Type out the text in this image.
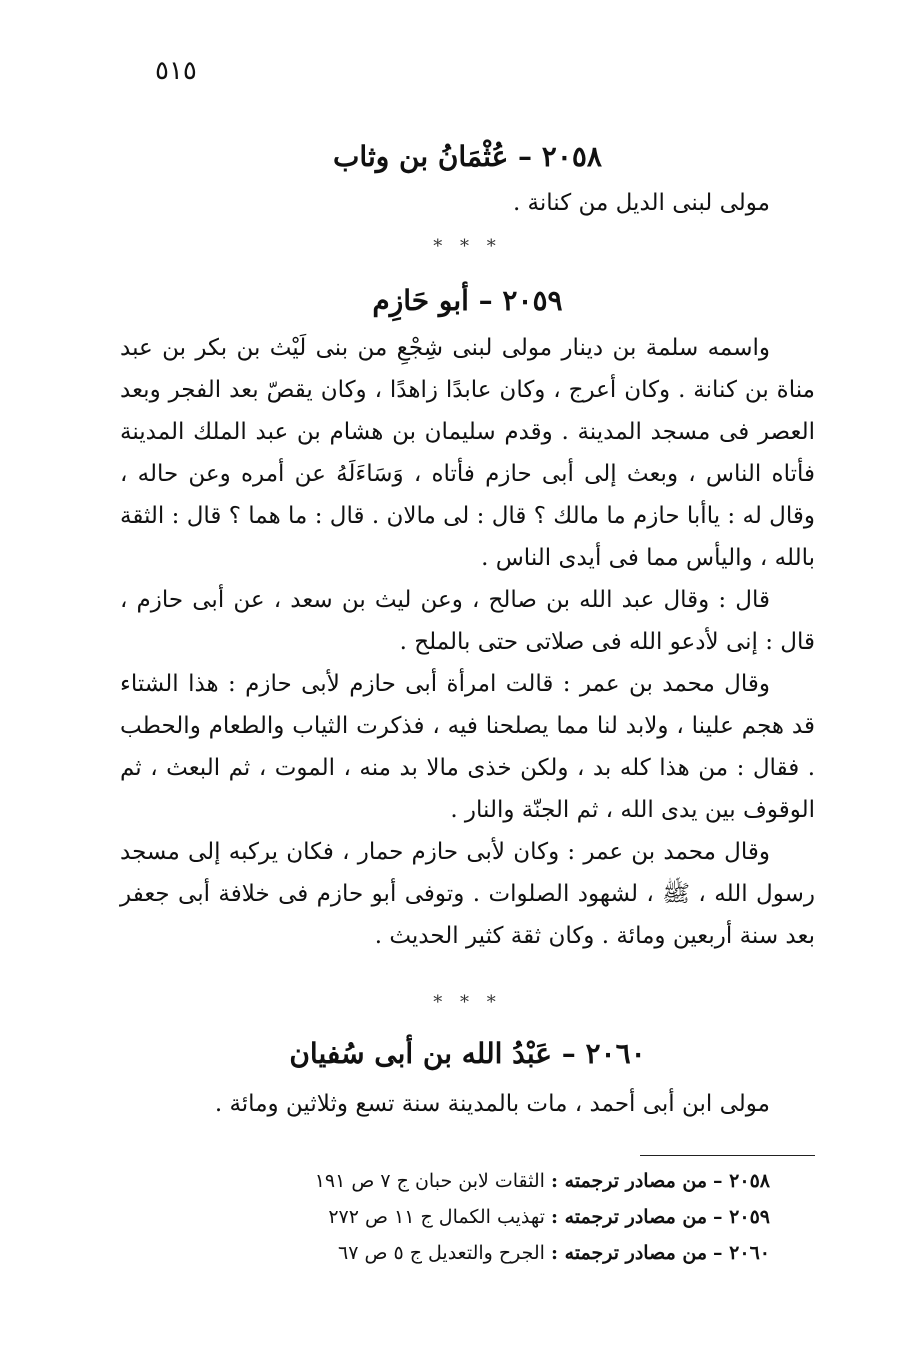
٥١٥
٢٠٥٨ – عُثْمَانُ بن وثاب

مولى لبنى الديل من كنانة .

* * *
٢٠٥٩ – أبو حَازِم

واسمه سلمة بن دينار مولى لبنى شِجْعِ من بنى لَيْث بن بكر بن عبد مناة بن كنانة . وكان أعرج ، وكان عابدًا زاهدًا ، وكان يقصّ بعد الفجر وبعد العصر فى مسجد المدينة . وقدم سليمان بن هشام بن عبد الملك المدينة فأتاه الناس ، وبعث إلى أبى حازم فأتاه ، وَسَاءَلَهُ عن أمره وعن حاله ، وقال له : ياأبا حازم ما مالك ؟ قال : لى مالان . قال : ما هما ؟ قال : الثقة بالله ، واليأس مما فى أيدى الناس .

قال : وقال عبد الله بن صالح ، وعن ليث بن سعد ، عن أبى حازم ، قال : إنى لأدعو الله فى صلاتى حتى بالملح .

وقال محمد بن عمر : قالت امرأة أبى حازم لأبى حازم : هذا الشتاء قد هجم علينا ، ولابد لنا مما يصلحنا فيه ، فذكرت الثياب والطعام والحطب . فقال : من هذا كله بد ، ولكن خذى مالا بد منه ، الموت ، ثم البعث ، ثم الوقوف بين يدى الله ، ثم الجنّة والنار .

وقال محمد بن عمر : وكان لأبى حازم حمار ، فكان يركبه إلى مسجد رسول الله ، ﷺ ، لشهود الصلوات . وتوفى أبو حازم فى خلافة أبى جعفر بعد سنة أربعين ومائة . وكان ثقة كثير الحديث .

* * *
٢٠٦٠ – عَبْدُ الله بن أبى سُفيان

مولى ابن أبى أحمد ، مات بالمدينة سنة تسع وثلاثين ومائة .

٢٠٥٨ – من مصادر ترجمته : الثقات لابن حبان ج ٧ ص ١٩١
٢٠٥٩ – من مصادر ترجمته : تهذيب الكمال ج ١١ ص ٢٧٢
٢٠٦٠ – من مصادر ترجمته : الجرح والتعديل ج ٥ ص ٦٧
